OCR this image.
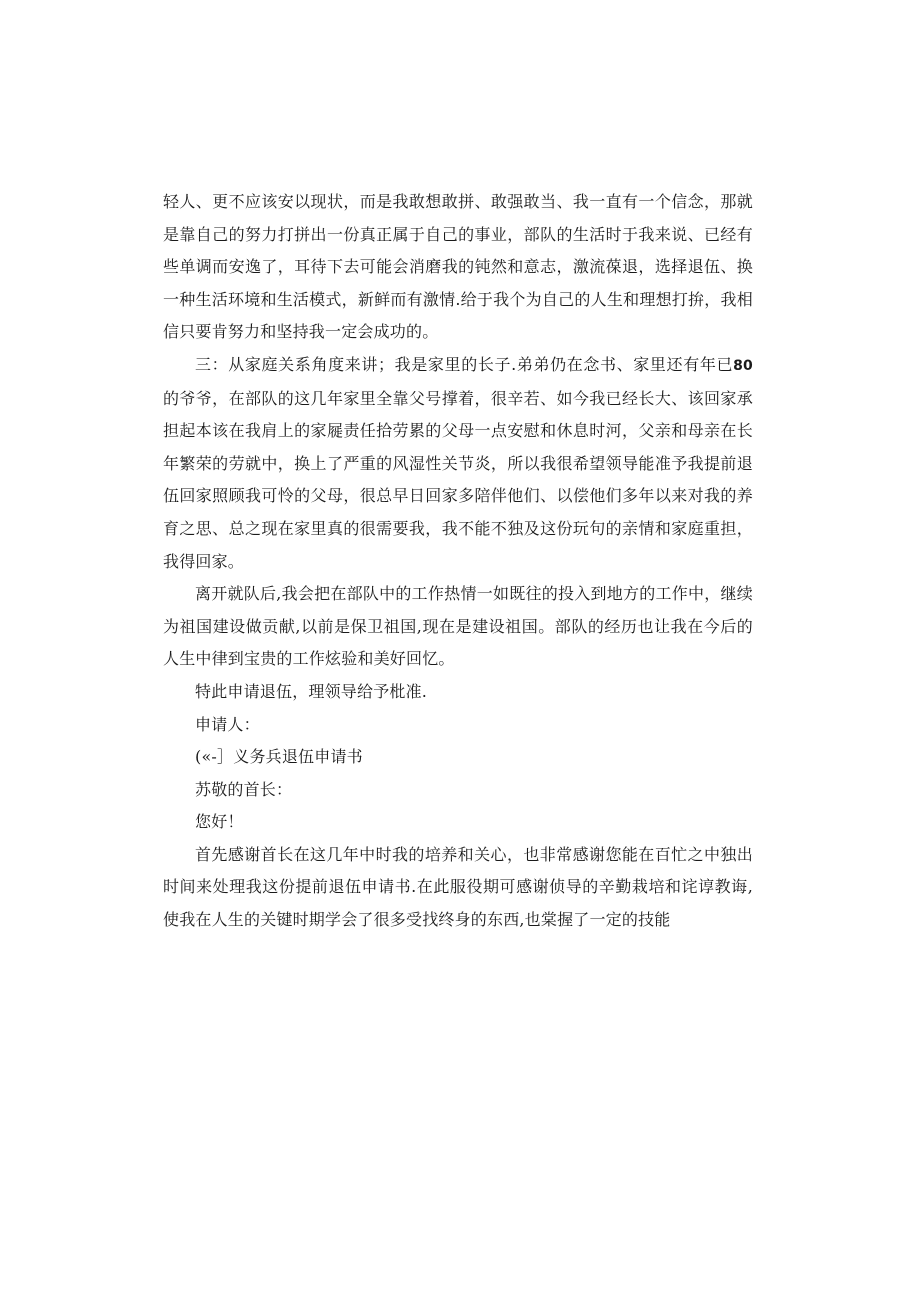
轻人、更不应该安以现状，而是我敢想敢拼、敢强敢当、我一直有一个信念，那就是靠自己的努力打拼出一份真正属于自己的事业，部队的生活时于我来说、已经有些单调而安逸了，耳待下去可能会消磨我的钝然和意志，激流葆退，选择退伍、换一种生活环境和生活模式，新鲜而有激情.给于我个为自己的人生和理想打拚，我相信只要肯努力和坚持我一定会成功的。

三：从家庭关系角度来讲；我是家里的长子.弟弟仍在念书、家里还有年已80的爷爷，在部队的这几年家里全靠父号撑着，很辛若、如今我已经长大、该回家承担起本该在我肩上的家屣责任拾劳累的父母一点安慰和休息时河，父亲和母亲在长年繁荣的劳就中，换上了严重的风湿性关节炎，所以我很希望领导能准予我提前退伍回家照顾我可怜的父母，很总早日回家多陪伴他们、以偿他们多年以来对我的养育之思、总之现在家里真的很需要我，我不能不独及这份玩句的亲情和家庭重担，我得回家。

离开就队后,我会把在部队中的工作热情一如既往的投入到地方的工作中，继续为祖国建设做贡献,以前是保卫祖国,现在是建设祖国。部队的经历也让我在今后的人生中律到宝贵的工作炫验和美好回忆。

特此申请退伍，理领导给予枇准.

申请人：

(«-］义务兵退伍申请书

苏敬的首长：

您好！

首先感谢首长在这几年中时我的培养和关心，也非常感谢您能在百忙之中独出时间来处理我这份提前退伍申请书.在此服役期可感谢侦导的辛勤栽培和诧谆教诲,使我在人生的关键时期学会了很多受找终身的东西,也棠握了一定的技能
